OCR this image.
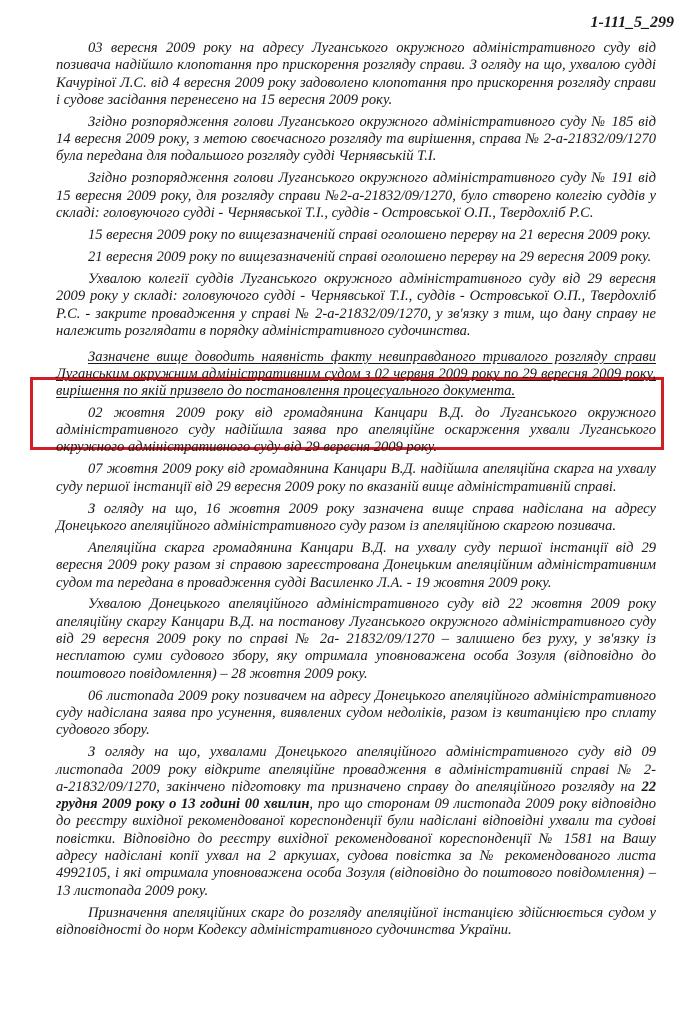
1-111_5_299

03 вересня 2009 року на адресу Луганського окружного адміністративного суду від позивача надійшло клопотання про прискорення розгляду справи. З огляду на що, ухвалою судді Качуріної Л.С. від 4 вересня 2009 року задоволено клопотання про прискорення розгляду справи і судове засідання перенесено на 15 вересня 2009 року.

Згідно розпорядження голови Луганського окружного адміністративного суду № 185 від 14 вересня 2009 року, з метою своєчасного розгляду та вирішення, справа № 2-а-21832/09/1270 була передана для подальшого розгляду судді Чернявській Т.І.

Згідно розпорядження голови Луганського окружного адміністративного суду № 191 від 15 вересня 2009 року, для розгляду справи №2-а-21832/09/1270, було створено колегію суддів у складі: головуючого судді - Чернявської Т.І., суддів - Островської О.П., Твердохліб Р.С.

15 вересня 2009 року по вищезазначеній справі оголошено перерву на 21 вересня 2009 року.

21 вересня 2009 року по вищезазначеній справі оголошено перерву на 29 вересня 2009 року.

Ухвалою колегії суддів Луганського окружного адміністративного суду від 29 вересня 2009 року у складі: головуючого судді - Чернявської Т.І., суддів - Островської О.П., Твердохліб Р.С. - закрите провадження у справі № 2-а-21832/09/1270, у зв'язку з тим, що дану справу не належить розглядати в порядку адміністративного судочинства.

Зазначене вище доводить наявність факту невиправданого тривалого розгляду справи Луганським окружним адміністративним судом з 02 червня 2009 року по 29 вересня 2009 року, вирішення по якій призвело до постановлення процесуального документа.

02 жовтня 2009 року від громадянина Канцари В.Д. до Луганського окружного адміністративного суду надійшла заява про апеляційне оскарження ухвали Луганського окружного адміністративного суду від 29 вересня 2009 року.

07 жовтня 2009 року від громадянина Канцари В.Д. надійшла апеляційна скарга на ухвалу суду першої інстанції від 29 вересня 2009 року по вказаній вище адміністративній справі.

З огляду на що, 16 жовтня 2009 року зазначена вище справа надіслана на адресу Донецького апеляційного адміністративного суду разом із апеляційною скаргою позивача.

Апеляційна скарга громадянина Канцари В.Д. на ухвалу суду першої інстанції від 29 вересня 2009 року разом зі справою зареєстрована Донецьким апеляційним адміністративним судом та передана в провадження судді Василенко Л.А. - 19 жовтня 2009 року.

Ухвалою Донецького апеляційного адміністративного суду від 22 жовтня 2009 року апеляційну скаргу Канцари В.Д. на постанову Луганського окружного адміністративного суду від 29 вересня 2009 року по справі № 2а- 21832/09/1270 – залишено без руху, у зв'язку із несплатою суми судового збору, яку отримала уповноважена особа Зозуля (відповідно до поштового повідомлення) – 28 жовтня 2009 року.

06 листопада 2009 року позивачем на адресу Донецького апеляційного адміністративного суду надіслана заява про усунення, виявлених судом недоліків, разом із квитанцією про сплату судового збору.

З огляду на що, ухвалами Донецького апеляційного адміністративного суду від 09 листопада 2009 року відкрите апеляційне провадження в адміністративній справі № 2-а-21832/09/1270, закінчено підготовку та призначено справу до апеляційного розгляду на 22 грудня 2009 року о 13 годині 00 хвилин, про що сторонам 09 листопада 2009 року відповідно до реєстру вихідної рекомендованої кореспонденції були надіслані відповідні ухвали та судові повістки. Відповідно до реєстру вихідної рекомендованої кореспонденції № 1581 на Вашу адресу надіслані копії ухвал на 2 аркушах, судова повістка за № рекомендованого листа 4992105, і які отримала уповноважена особа Зозуля (відповідно до поштового повідомлення) – 13 листопада 2009 року.

Призначення апеляційних скарг до розгляду апеляційної інстанцією здійснюється судом у відповідності до норм Кодексу адміністративного судочинства України.
